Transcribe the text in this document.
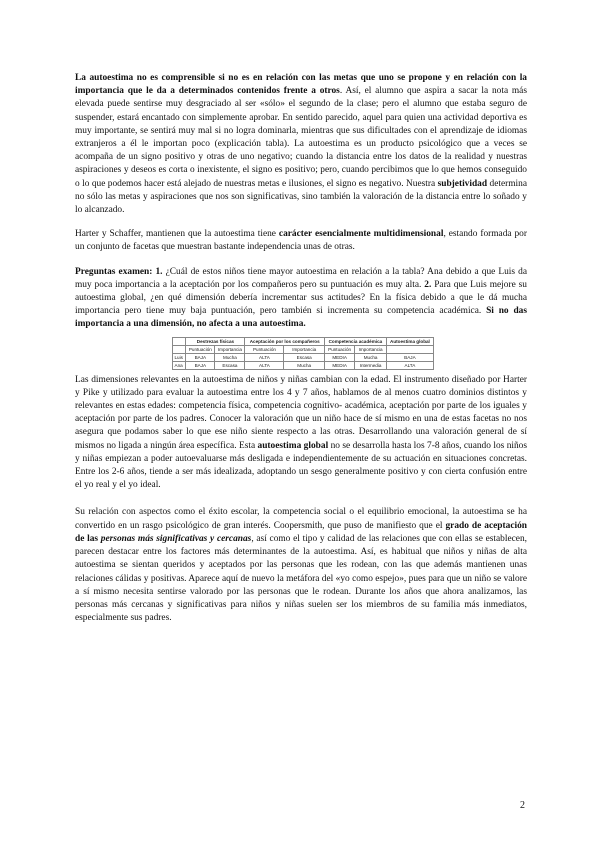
La autoestima no es comprensible si no es en relación con las metas que uno se propone y en relación con la importancia que le da a determinados contenidos frente a otros. Así, el alumno que aspira a sacar la nota más elevada puede sentirse muy desgraciado al ser «sólo» el segundo de la clase; pero el alumno que estaba seguro de suspender, estará encantado con simplemente aprobar. En sentido parecido, aquel para quien una actividad deportiva es muy importante, se sentirá muy mal si no logra dominarla, mientras que sus dificultades con el aprendizaje de idiomas extranjeros a él le importan poco (explicación tabla). La autoestima es un producto psicológico que a veces se acompaña de un signo positivo y otras de uno negativo; cuando la distancia entre los datos de la realidad y nuestras aspiraciones y deseos es corta o inexistente, el signo es positivo; pero, cuando percibimos que lo que hemos conseguido o lo que podemos hacer está alejado de nuestras metas e ilusiones, el signo es negativo. Nuestra subjetividad determina no sólo las metas y aspiraciones que nos son significativas, sino también la valoración de la distancia entre lo soñado y lo alcanzado.

Harter y Schaffer, mantienen que la autoestima tiene carácter esencialmente multidimensional, estando formada por un conjunto de facetas que muestran bastante independencia unas de otras.

Preguntas examen: 1. ¿Cuál de estos niños tiene mayor autoestima en relación a la tabla? Ana debido a que Luis da muy poca importancia a la aceptación por los compañeros pero su puntuación es muy alta. 2. Para que Luis mejore su autoestima global, ¿en qué dimensión debería incrementar sus actitudes? En la física debido a que le dá mucha importancia pero tiene muy baja puntuación, pero también si incrementa su competencia académica. Si no das importancia a una dimensión, no afecta a una autoestima.

	Destrezas físicas		Aceptación por los compañeros		Competencia académica		Autoestima global
	Puntuación	Importancia	Puntuación	Importancia	Puntuación	Importancia	
Luis	BAJA	Mucha	ALTA	Escasa	MEDIA	Mucha	BAJA
Ana	BAJA	Escasa	ALTA	Mucha	MEDIA	Intermedia	ALTA

Las dimensiones relevantes en la autoestima de niños y niñas cambian con la edad. El instrumento diseñado por Harter y Pike y utilizado para evaluar la autoestima entre los 4 y 7 años, hablamos de al menos cuatro dominios distintos y relevantes en estas edades: competencia física, competencia cognitivo- académica, aceptación por parte de los iguales y aceptación por parte de los padres. Conocer la valoración que un niño hace de sí mismo en una de estas facetas no nos asegura que podamos saber lo que ese niño siente respecto a las otras. Desarrollando una valoración general de sí mismos no ligada a ningún área específica. Esta autoestima global no se desarrolla hasta los 7-8 años, cuando los niños y niñas empiezan a poder autoevaluarse más desligada e independientemente de su actuación en situaciones concretas. Entre los 2-6 años, tiende a ser más idealizada, adoptando un sesgo generalmente positivo y con cierta confusión entre el yo real y el yo ideal.

Su relación con aspectos como el éxito escolar, la competencia social o el equilibrio emocional, la autoestima se ha convertido en un rasgo psicológico de gran interés. Coopersmith, que puso de manifiesto que el grado de aceptación de las personas más significativas y cercanas, así como el tipo y calidad de las relaciones que con ellas se establecen, parecen destacar entre los factores más determinantes de la autoestima. Así, es habitual que niños y niñas de alta autoestima se sientan queridos y aceptados por las personas que les rodean, con las que además mantienen unas relaciones cálidas y positivas. Aparece aquí de nuevo la metáfora del «yo como espejo», pues para que un niño se valore a sí mismo necesita sentirse valorado por las personas que le rodean. Durante los años que ahora analizamos, las personas más cercanas y significativas para niños y niñas suelen ser los miembros de su familia más inmediatos, especialmente sus padres.

2
